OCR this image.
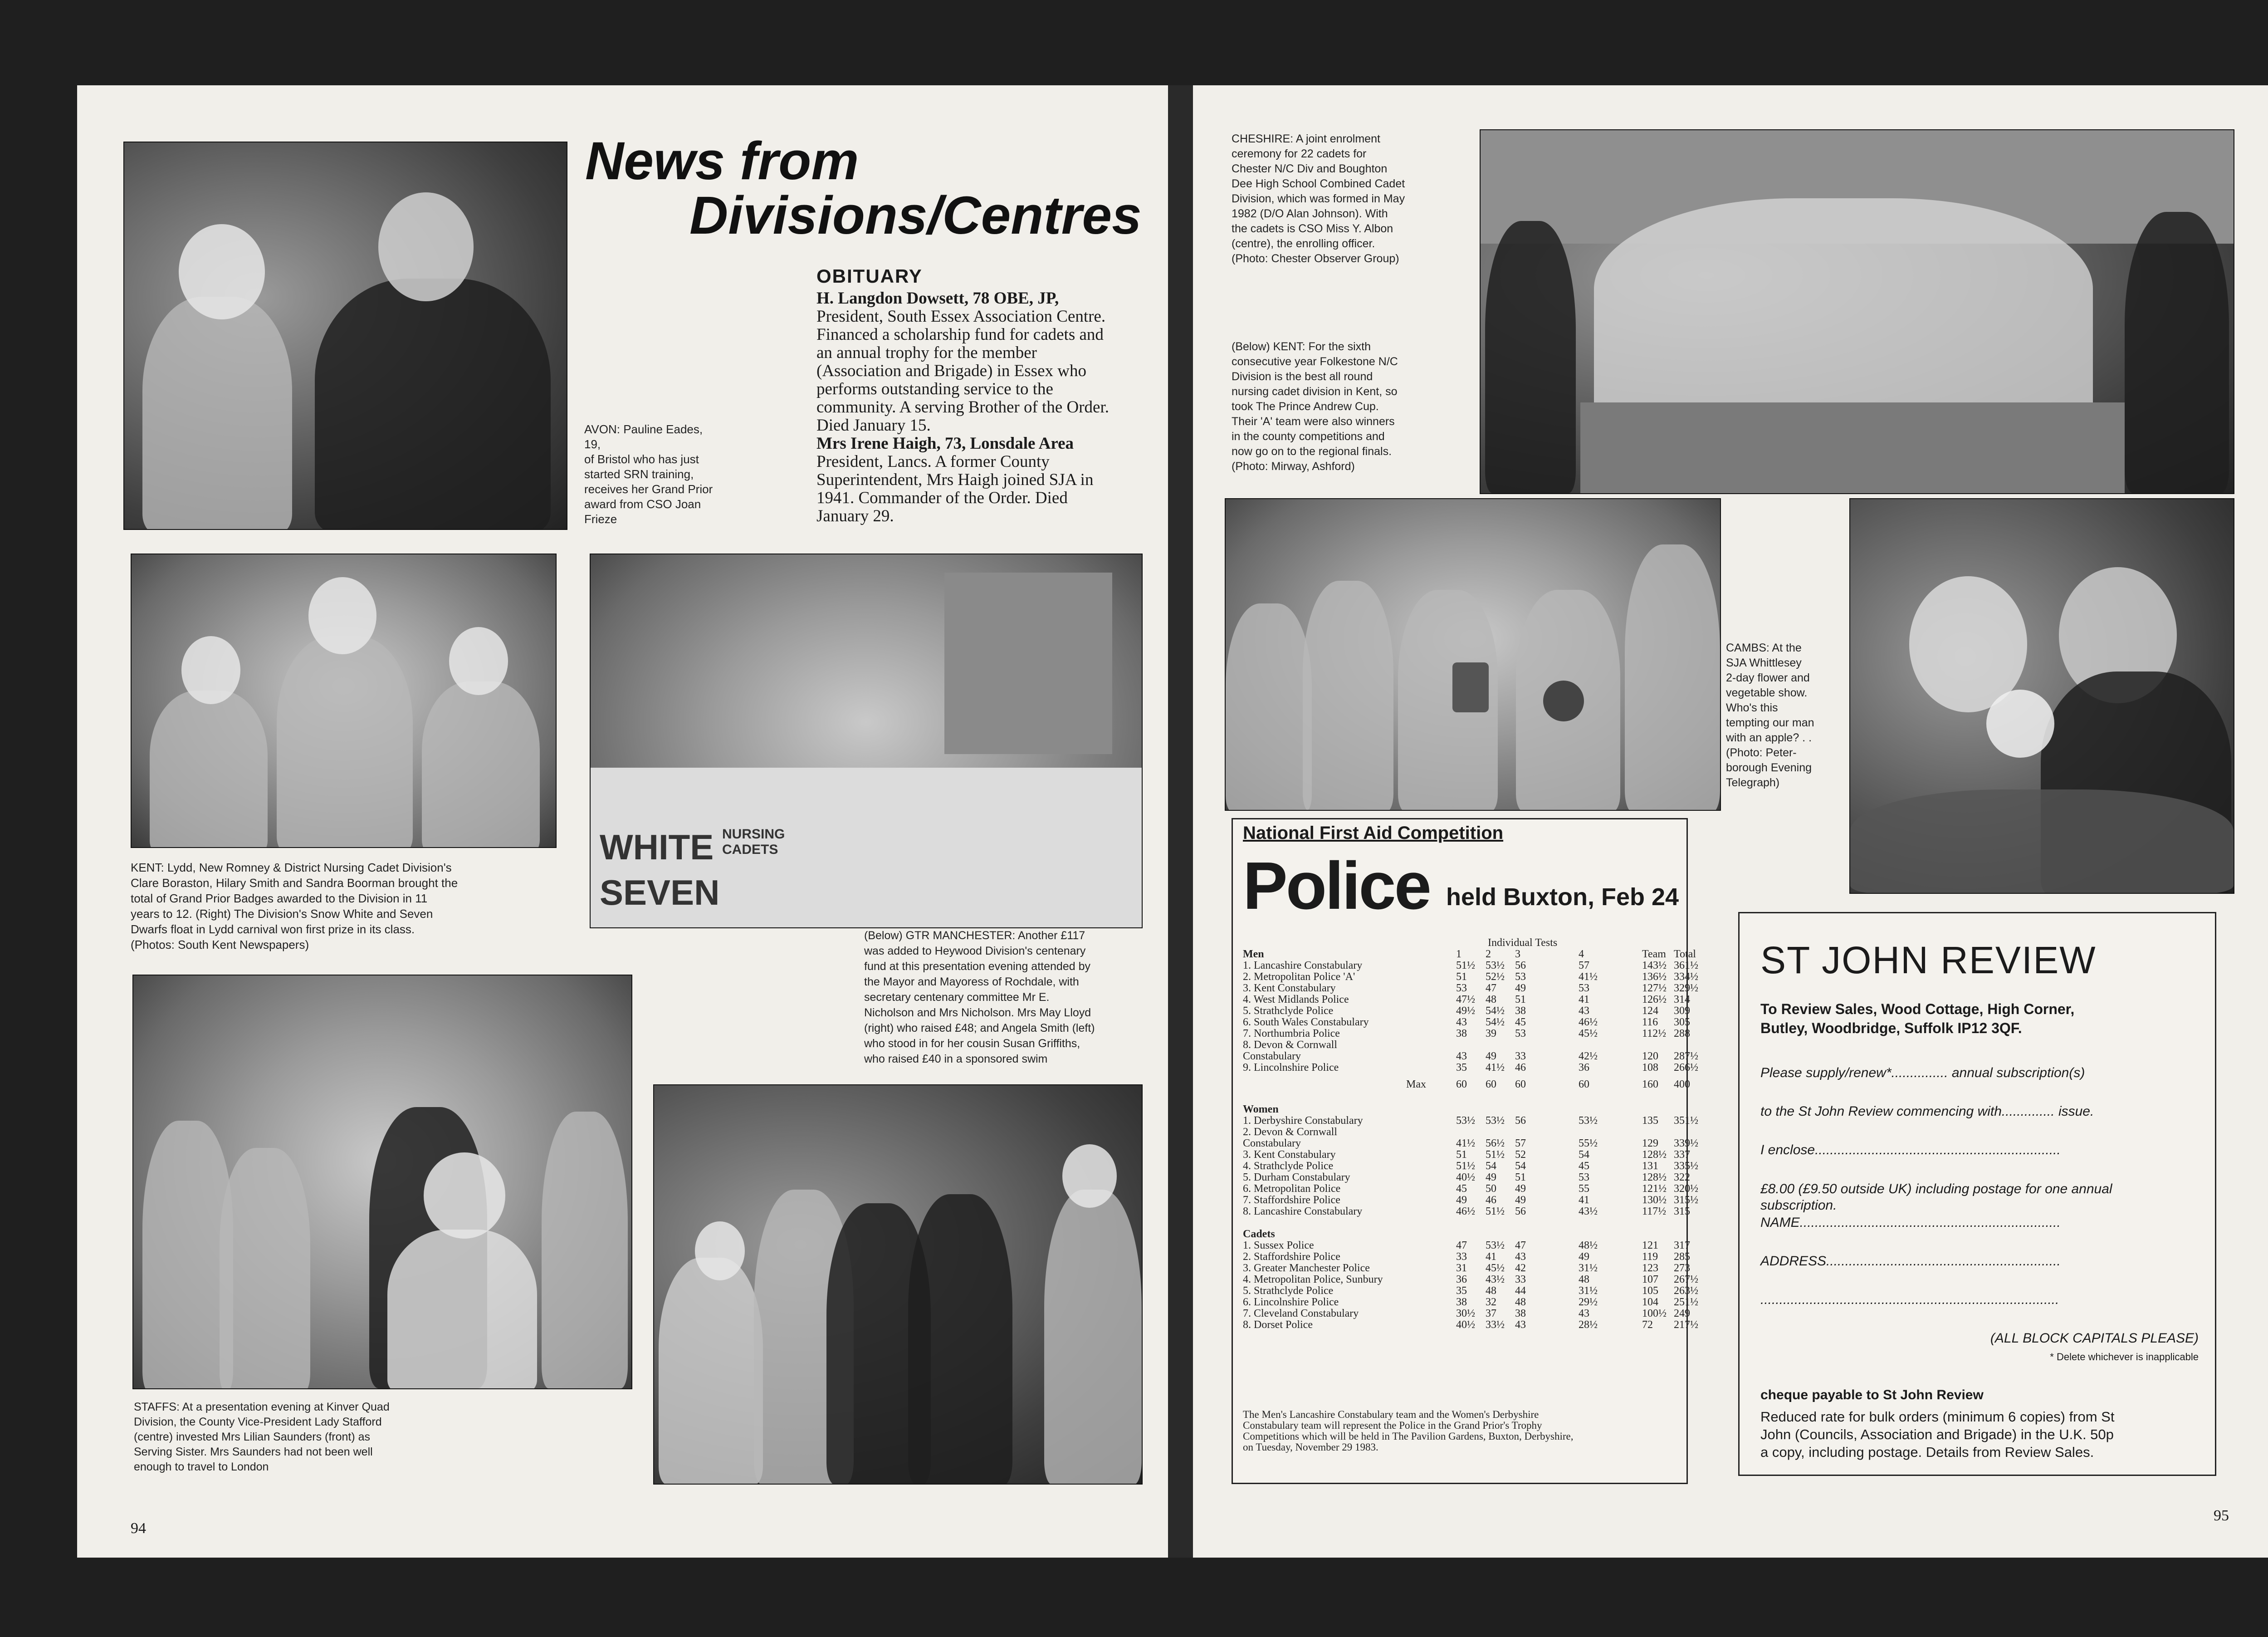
News from
Divisions/Centres
AVON: Pauline Eades, 19,
of Bristol who has just
started SRN training,
receives her Grand Prior
award from CSO Joan
Frieze
OBITUARY
H. Langdon Dowsett, 78 OBE, JP,
President, South Essex Association Centre.
Financed a scholarship fund for cadets and
an annual trophy for the member
(Association and Brigade) in Essex who
performs outstanding service to the
community. A serving Brother of the Order.
Died January 15.
Mrs Irene Haigh, 73, Lonsdale Area
President, Lancs. A former County
Superintendent, Mrs Haigh joined SJA in
1941. Commander of the Order. Died
January 29.
WHITE
SEVEN
NURSING CADETS
KENT: Lydd, New Romney & District Nursing Cadet Division's
Clare Boraston, Hilary Smith and Sandra Boorman brought the
total of Grand Prior Badges awarded to the Division in 11
years to 12. (Right) The Division's Snow White and Seven
Dwarfs float in Lydd carnival won first prize in its class.
(Photos: South Kent Newspapers)
(Below) GTR MANCHESTER: Another £117
was added to Heywood Division's centenary
fund at this presentation evening attended by
the Mayor and Mayoress of Rochdale, with
secretary centenary committee Mr E.
Nicholson and Mrs Nicholson. Mrs May Lloyd
(right) who raised £48; and Angela Smith (left)
who stood in for her cousin Susan Griffiths,
who raised £40 in a sponsored swim
STAFFS: At a presentation evening at Kinver Quad
Division, the County Vice-President Lady Stafford
(centre) invested Mrs Lilian Saunders (front) as
Serving Sister. Mrs Saunders had not been well
enough to travel to London
94
CHESHIRE: A joint enrolment
ceremony for 22 cadets for
Chester N/C Div and Boughton
Dee High School Combined Cadet
Division, which was formed in May
1982 (D/O Alan Johnson). With
the cadets is CSO Miss Y. Albon
(centre), the enrolling officer.
(Photo: Chester Observer Group)
(Below) KENT: For the sixth
consecutive year Folkestone N/C
Division is the best all round
nursing cadet division in Kent, so
took The Prince Andrew Cup.
Their 'A' team were also winners
in the county competitions and
now go on to the regional finals.
(Photo: Mirway, Ashford)
CAMBS: At the
SJA Whittlesey
2-day flower and
vegetable show.
Who's this
tempting our man
with an apple? . .
(Photo: Peter-
borough Evening
Telegraph)
National First Aid Competition
Police held Buxton, Feb 24
Individual Tests
Men	1 2 3	4	Team Total
1. Lancashire Constabulary	51½ 53½ 56	57	143½ 361½
2. Metropolitan Police 'A'	51 52½ 53	41½	136½ 334½
3. Kent Constabulary	53 47 49	53	127½ 329½
4. West Midlands Police	47½ 48 51	41	126½ 314
5. Strathclyde Police	49½ 54½ 38	43	124 309
6. South Wales Constabulary	43 54½ 45	46½	116 305
7. Northumbria Police	38 39 53	45½	112½ 288
8. Devon & Cornwall
Constabulary	43 49 33	42½	120 287½
9. Lincolnshire Police	35 41½ 46	36	108 266½
Max	60 60 60	60	160 400
Women
1. Derbyshire Constabulary	53½ 53½ 56	53½	135 351½
2. Devon & Cornwall
Constabulary	41½ 56½ 57	55½	129 339½
3. Kent Constabulary	51 51½ 52	54	128½ 337
4. Strathclyde Police	51½ 54 54	45	131 335½
5. Durham Constabulary	40½ 49 51	53	128½ 322
6. Metropolitan Police	45 50 49	55	121½ 320½
7. Staffordshire Police	49 46 49	41	130½ 315½
8. Lancashire Constabulary	46½ 51½ 56	43½	117½ 315
Cadets
1. Sussex Police	47 53½ 47	48½	121 317
2. Staffordshire Police	33 41 43	49	119 285
3. Greater Manchester Police	31 45½ 42	31½	123 273
4. Metropolitan Police, Sunbury	36 43½ 33	48	107 267½
5. Strathclyde Police	35 48 44	31½	105 263½
6. Lincolnshire Police	38 32 48	29½	104 251½
7. Cleveland Constabulary	30½ 37 38	43	100½ 249
8. Dorset Police	40½ 33½ 43	28½	72 217½
The Men's Lancashire Constabulary team and the Women's Derbyshire
Constabulary team will represent the Police in the Grand Prior's Trophy
Competitions which will be held in The Pavilion Gardens, Buxton, Derbyshire,
on Tuesday, November 29 1983.
ST JOHN REVIEW
To Review Sales, Wood Cottage, High Corner,
Butley, Woodbridge, Suffolk IP12 3QF.
Please supply/renew*............... annual subscription(s)
to the St John Review commencing with.............. issue.
I enclose.................................................................
£8.00 (£9.50 outside UK) including postage for one annual
subscription.
NAME.....................................................................
ADDRESS..............................................................
...............................................................................
(ALL BLOCK CAPITALS PLEASE)
* Delete whichever is inapplicable
cheque payable to St John Review
Reduced rate for bulk orders (minimum 6 copies) from St
John (Councils, Association and Brigade) in the U.K. 50p
a copy, including postage. Details from Review Sales.
95
